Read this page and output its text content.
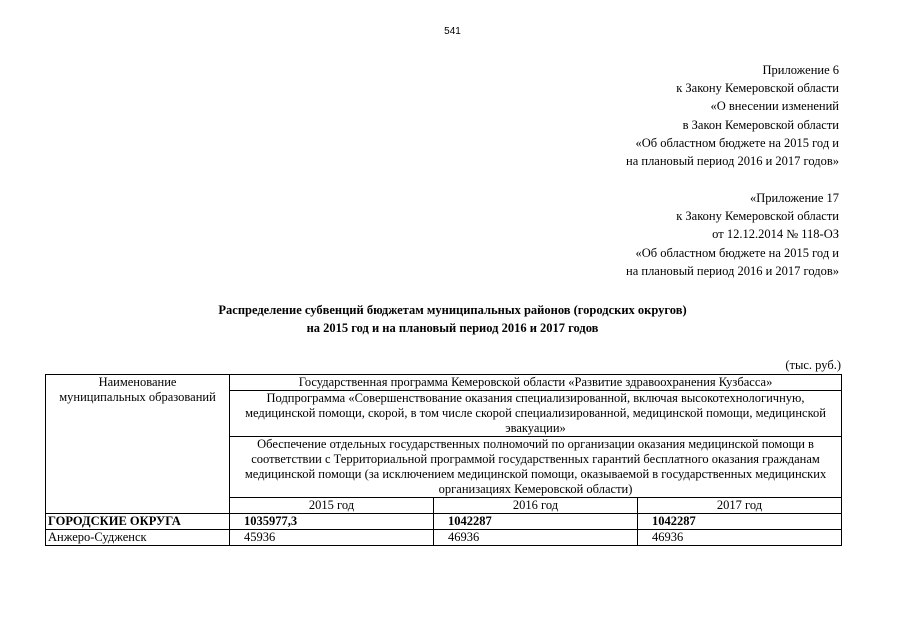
541
Приложение 6
к Закону Кемеровской области
«О внесении изменений
в Закон Кемеровской области
«Об областном бюджете на 2015 год и
на плановый период 2016 и 2017 годов»
«Приложение 17
к Закону Кемеровской области
от 12.12.2014 № 118-ОЗ
«Об областном бюджете на 2015 год и
на плановый период 2016 и 2017 годов»
Распределение субвенций бюджетам муниципальных районов (городских округов)
на 2015 год и на плановый период 2016 и 2017 годов
(тыс. руб.)
Наименование
муниципальных образований	Государственная программа Кемеровской области «Развитие здравоохранения Кузбасса»		
	Подпрограмма «Совершенствование оказания специализированной, включая высокотехнологичную, медицинской помощи, скорой, в том числе скорой специализированной, медицинской помощи, медицинской эвакуации»		
	Обеспечение отдельных государственных полномочий по организации оказания медицинской помощи в соответствии с Территориальной программой государственных гарантий бесплатного оказания гражданам медицинской помощи (за исключением медицинской помощи, оказываемой в государственных медицинских организациях Кемеровской области)		
	2015 год	2016 год	2017 год
ГОРОДСКИЕ ОКРУГА	1035977,3	1042287	1042287
Анжеро-Судженск	45936	46936	46936
